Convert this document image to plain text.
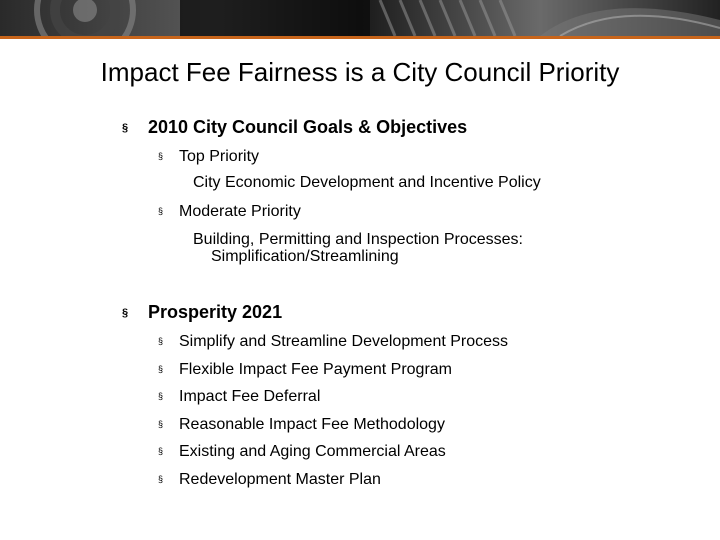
Impact Fee Fairness is a City Council Priority
§ 2010 City Council Goals & Objectives
§ Top Priority
City Economic Development and Incentive Policy
§ Moderate Priority
Building, Permitting and Inspection Processes:
Simplification/Streamlining
§ Prosperity 2021
§ Simplify and Streamline Development Process
§ Flexible Impact Fee Payment Program
§ Impact Fee Deferral
§ Reasonable Impact Fee Methodology
§ Existing and Aging Commercial Areas
§ Redevelopment Master Plan
